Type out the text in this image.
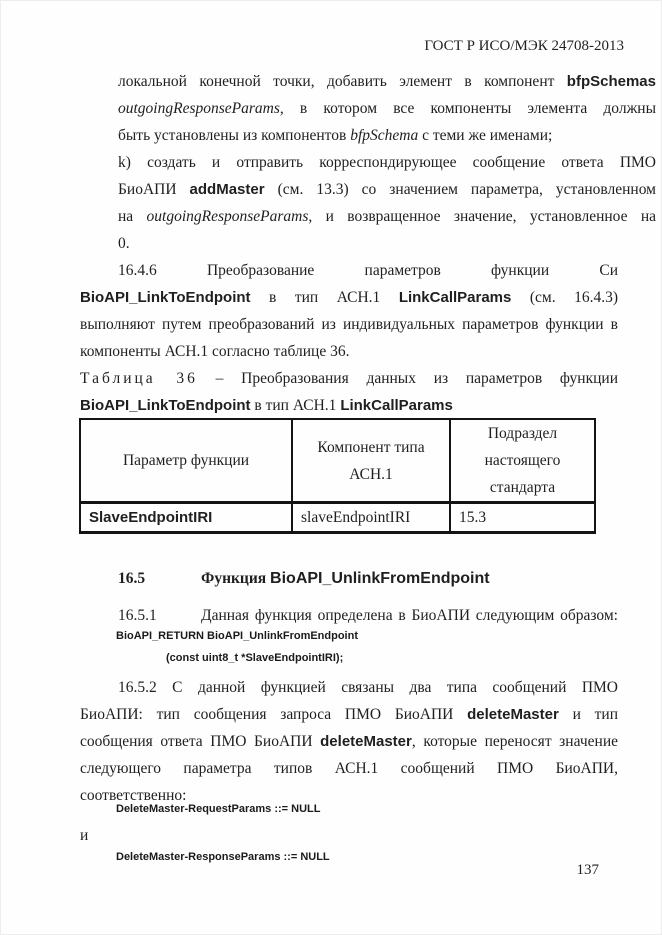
ГОСТ Р ИСО/МЭК 24708-2013
локальной конечной точки, добавить элемент в компонент bfpSchemas
outgoingResponseParams, в котором все компоненты элемента должны
быть установлены из компонентов bfpSchema с теми же именами;
k) создать и отправить корреспондирующее сообщение ответа ПМО
БиоАПИ addMaster (см. 13.3) со значением параметра, установленном
на outgoingResponseParams, и возвращенное значение, установленное на
0.
16.4.6 Преобразование параметров функции Си
BioAPI_LinkToEndpoint в тип АСН.1 LinkCallParams (см. 16.4.3)
выполняют путем преобразований из индивидуальных параметров функции в
компоненты АСН.1 согласно таблице 36.
Таблица 36 – Преобразования данных из параметров функции
BioAPI_LinkToEndpoint в тип АСН.1 LinkCallParams
Параметр функции	Компонент типа АСН.1	Подраздел настоящего стандарта
SlaveEndpointIRI	slaveEndpointIRI	15.3
16.5	Функция BioAPI_UnlinkFromEndpoint
16.5.1	Данная функция определена в БиоАПИ следующим образом:
BioAPI_RETURN BioAPI_UnlinkFromEndpoint
(const uint8_t *SlaveEndpointIRI);
16.5.2 С данной функцией связаны два типа сообщений ПМО
БиоАПИ: тип сообщения запроса ПМО БиоАПИ deleteMaster и тип
сообщения ответа ПМО БиоАПИ deleteMaster, которые переносят значение
следующего параметра типов АСН.1 сообщений ПМО БиоАПИ,
соответственно:
DeleteMaster-RequestParams ::= NULL
и
DeleteMaster-ResponseParams ::= NULL
137
